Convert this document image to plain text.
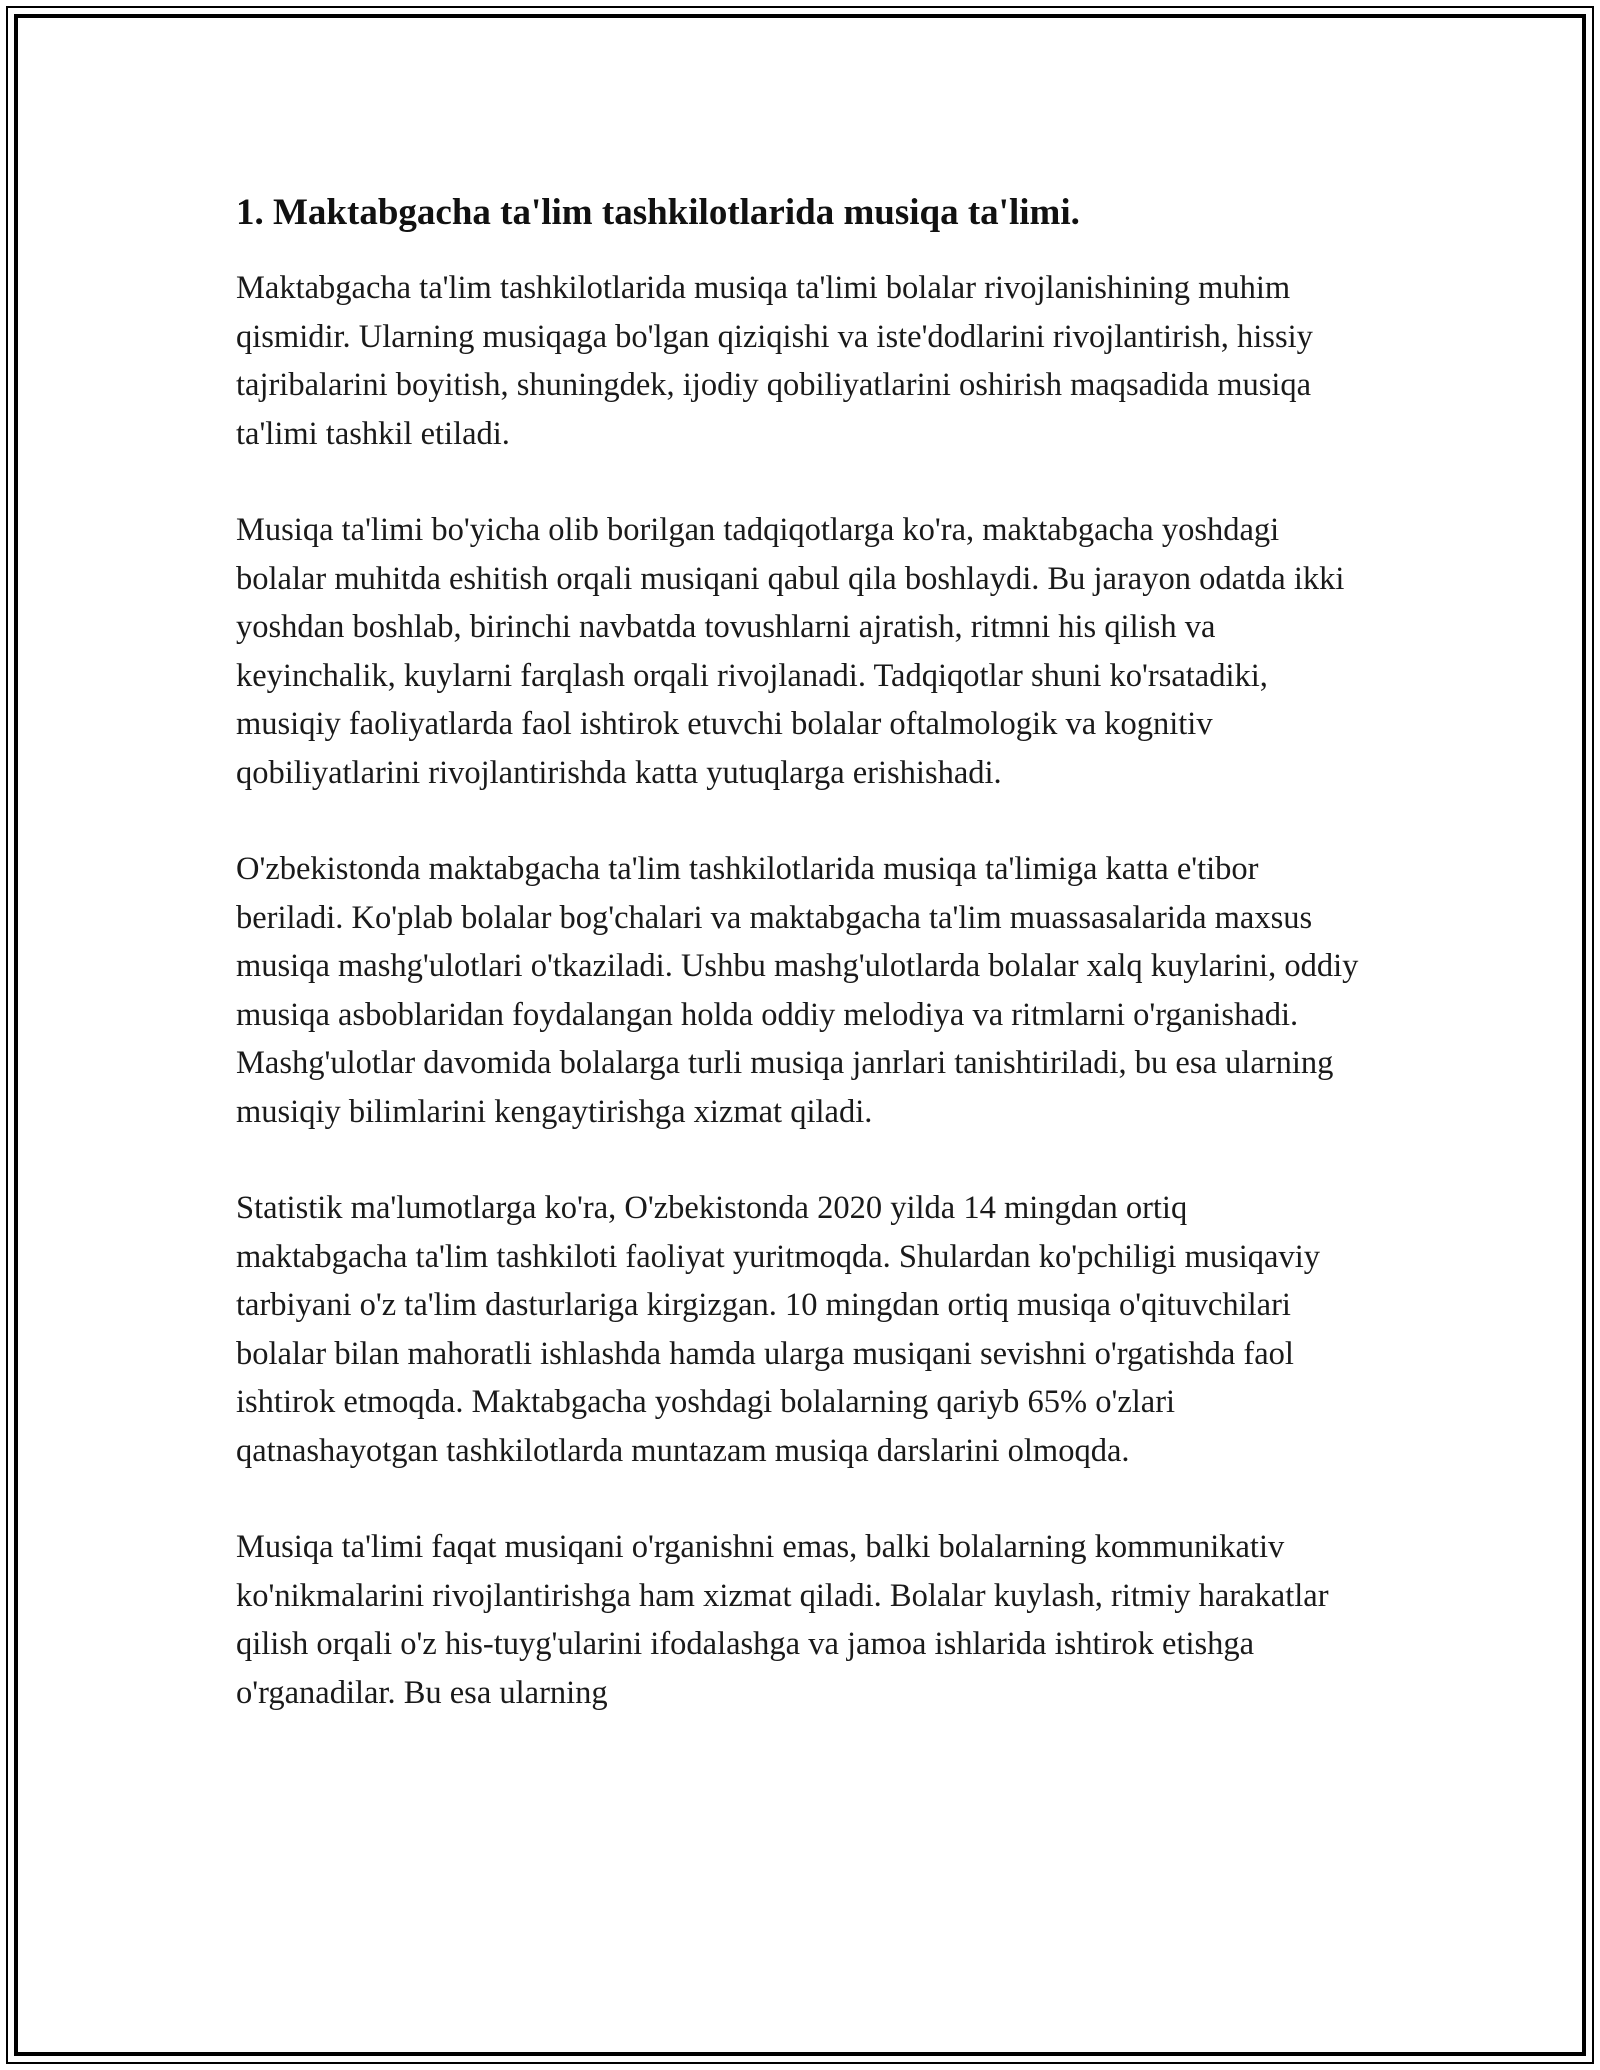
1. Maktabgacha ta'lim tashkilotlarida musiqa ta'limi.

Maktabgacha ta'lim tashkilotlarida musiqa ta'limi bolalar rivojlanishining muhim qismidir. Ularning musiqaga bo'lgan qiziqishi va iste'dodlarini rivojlantirish, hissiy tajribalarini boyitish, shuningdek, ijodiy qobiliyatlarini oshirish maqsadida musiqa ta'limi tashkil etiladi.

Musiqa ta'limi bo'yicha olib borilgan tadqiqotlarga ko'ra, maktabgacha yoshdagi bolalar muhitda eshitish orqali musiqani qabul qila boshlaydi. Bu jarayon odatda ikki yoshdan boshlab, birinchi navbatda tovushlarni ajratish, ritmni his qilish va keyinchalik, kuylarni farqlash orqali rivojlanadi. Tadqiqotlar shuni ko'rsatadiki, musiqiy faoliyatlarda faol ishtirok etuvchi bolalar oftalmologik va kognitiv qobiliyatlarini rivojlantirishda katta yutuqlarga erishishadi.

O'zbekistonda maktabgacha ta'lim tashkilotlarida musiqa ta'limiga katta e'tibor beriladi. Ko'plab bolalar bog'chalari va maktabgacha ta'lim muassasalarida maxsus musiqa mashg'ulotlari o'tkaziladi. Ushbu mashg'ulotlarda bolalar xalq kuylarini, oddiy musiqa asboblaridan foydalangan holda oddiy melodiya va ritmlarni o'rganishadi. Mashg'ulotlar davomida bolalarga turli musiqa janrlari tanishtiriladi, bu esa ularning musiqiy bilimlarini kengaytirishga xizmat qiladi.

Statistik ma'lumotlarga ko'ra, O'zbekistonda 2020 yilda 14 mingdan ortiq maktabgacha ta'lim tashkiloti faoliyat yuritmoqda. Shulardan ko'pchiligi musiqaviy tarbiyani o'z ta'lim dasturlariga kirgizgan. 10 mingdan ortiq musiqa o'qituvchilari bolalar bilan mahoratli ishlashda hamda ularga musiqani sevishni o'rgatishda faol ishtirok etmoqda. Maktabgacha yoshdagi bolalarning qariyb 65% o'zlari qatnashayotgan tashkilotlarda muntazam musiqa darslarini olmoqda.

Musiqa ta'limi faqat musiqani o'rganishni emas, balki bolalarning kommunikativ ko'nikmalarini rivojlantirishga ham xizmat qiladi. Bolalar kuylash, ritmiy harakatlar qilish orqali o'z his-tuyg'ularini ifodalashga va jamoa ishlarida ishtirok etishga o'rganadilar. Bu esa ularning
